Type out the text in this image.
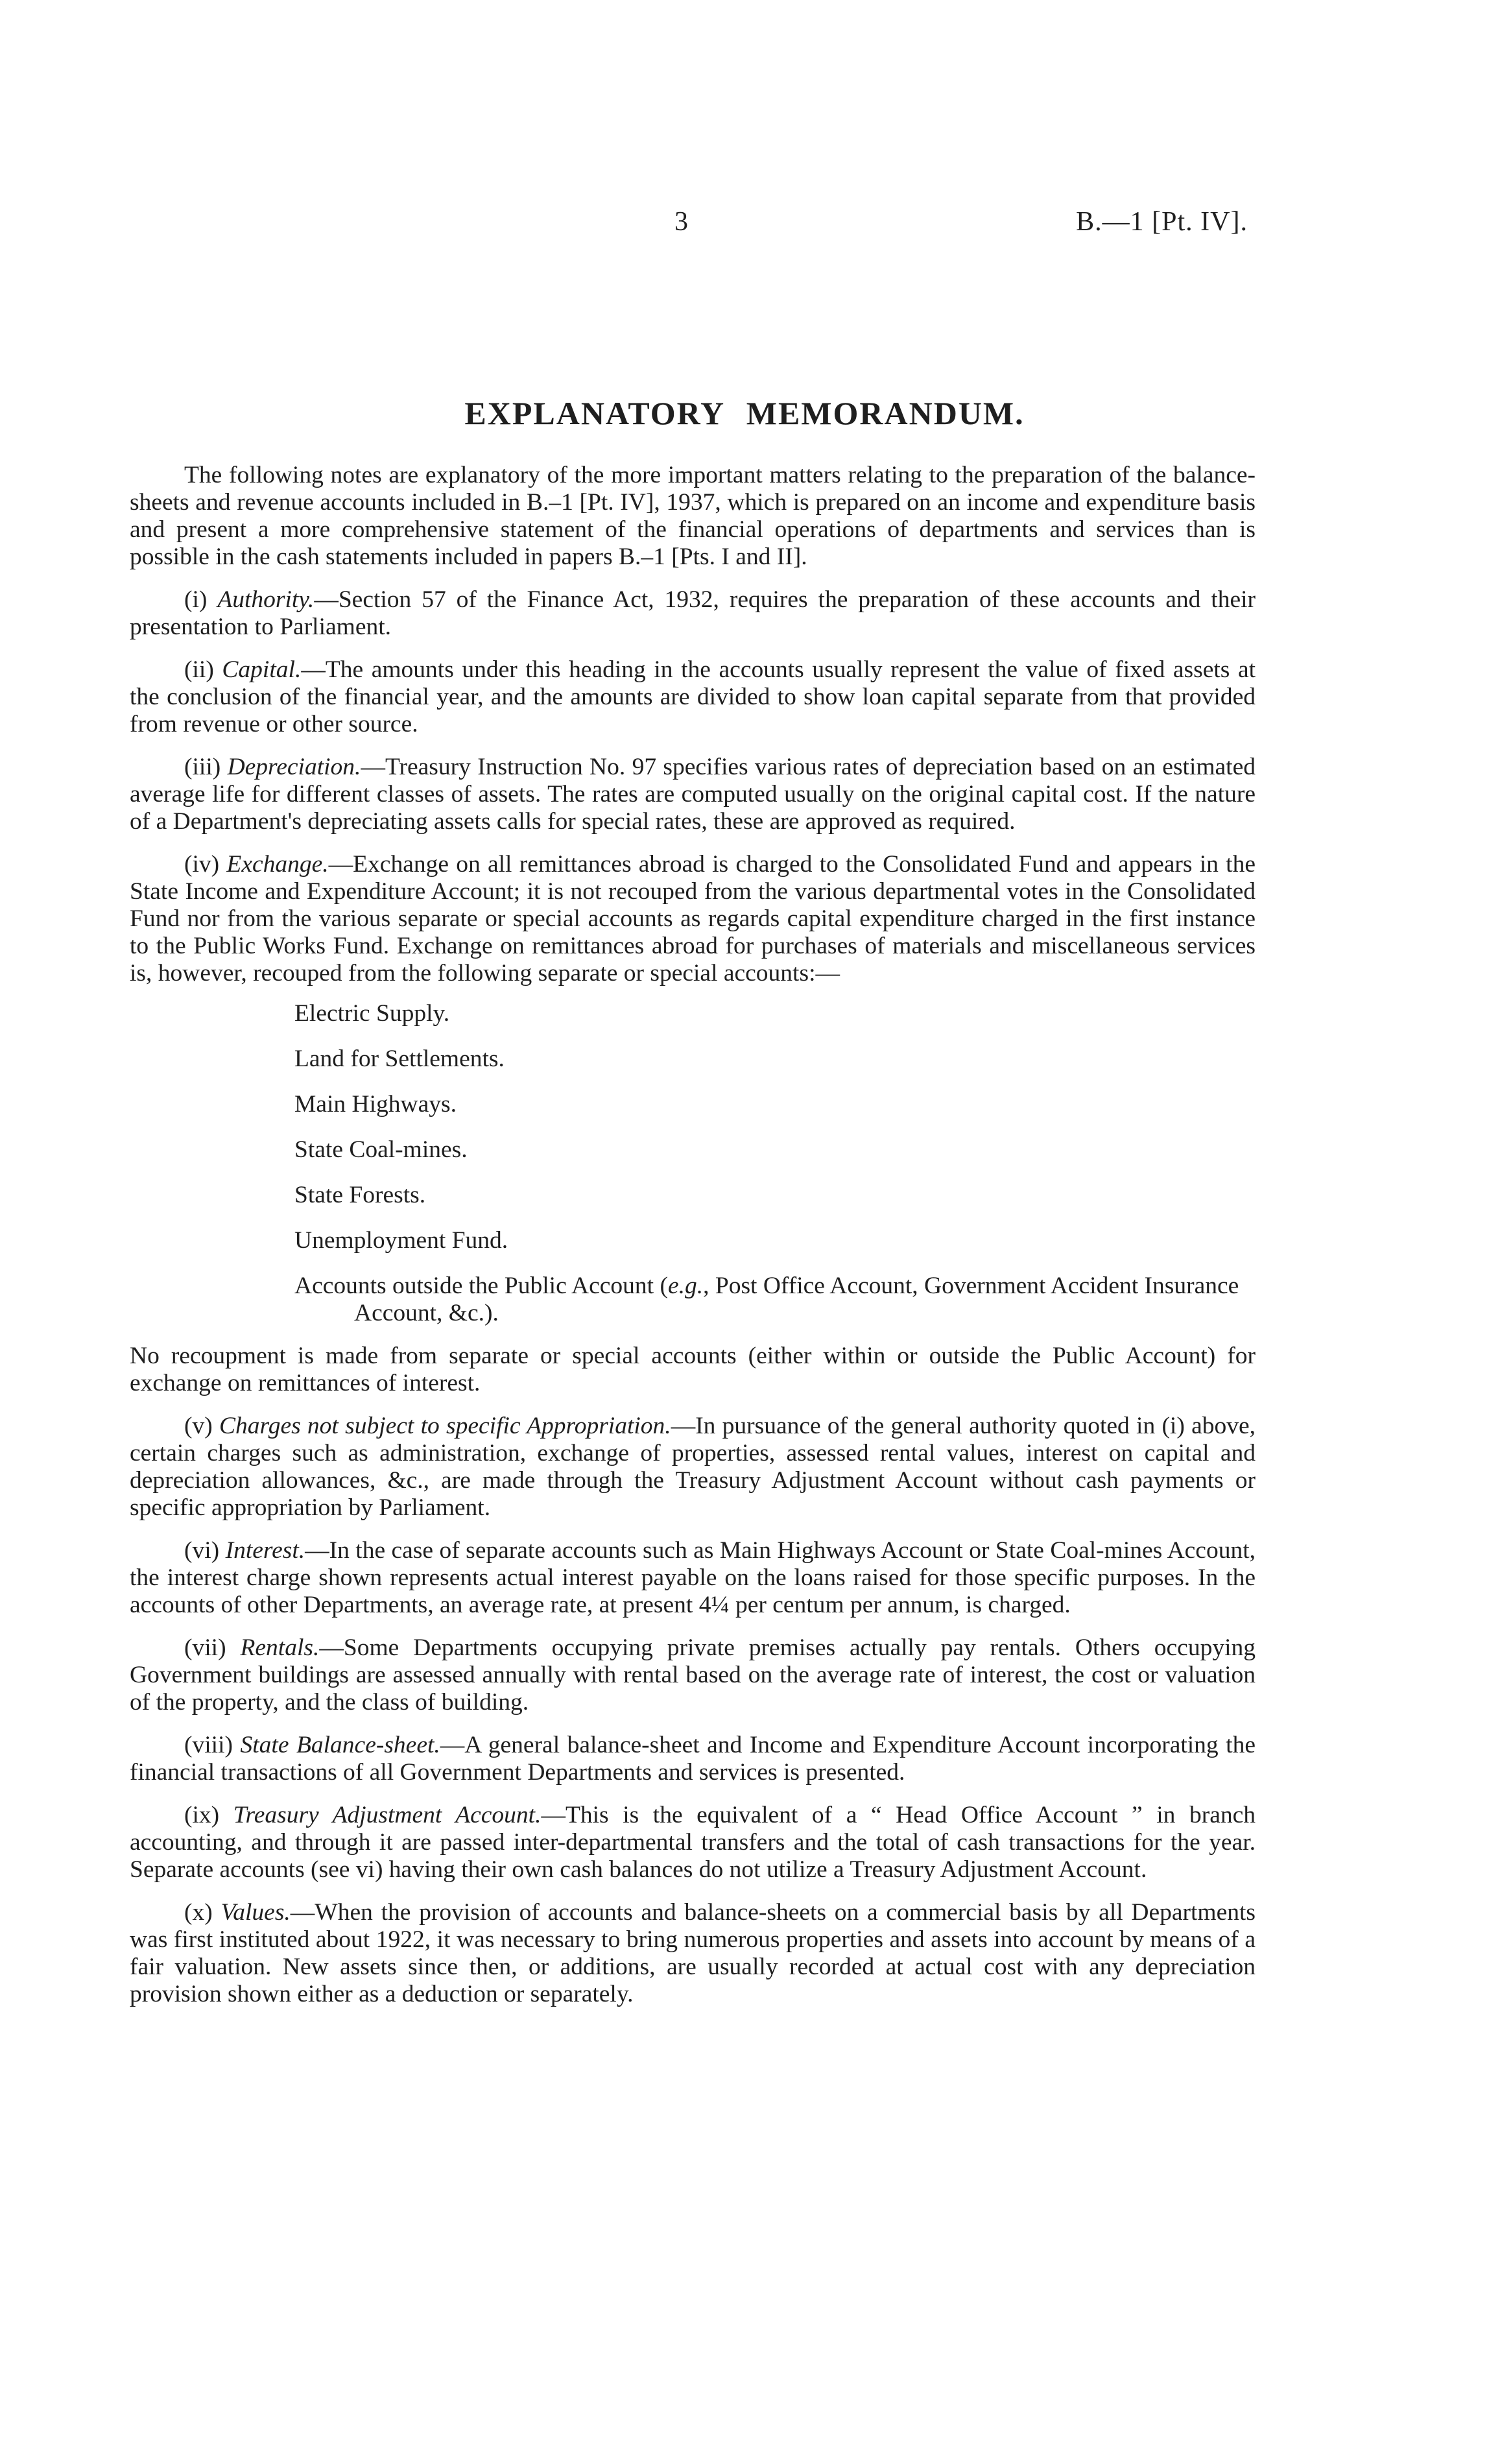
3	B.—1 [Pt. IV].
EXPLANATORY MEMORANDUM.

The following notes are explanatory of the more important matters relating to the preparation of the balance-sheets and revenue accounts included in B.–1 [Pt. IV], 1937, which is prepared on an income and expenditure basis and present a more comprehensive statement of the financial operations of departments and services than is possible in the cash statements included in papers B.–1 [Pts. I and II].

(i) Authority.—Section 57 of the Finance Act, 1932, requires the preparation of these accounts and their presentation to Parliament.

(ii) Capital.—The amounts under this heading in the accounts usually represent the value of fixed assets at the conclusion of the financial year, and the amounts are divided to show loan capital separate from that provided from revenue or other source.

(iii) Depreciation.—Treasury Instruction No. 97 specifies various rates of depreciation based on an estimated average life for different classes of assets. The rates are computed usually on the original capital cost. If the nature of a Department's depreciating assets calls for special rates, these are approved as required.

(iv) Exchange.—Exchange on all remittances abroad is charged to the Consolidated Fund and appears in the State Income and Expenditure Account; it is not recouped from the various departmental votes in the Consolidated Fund nor from the various separate or special accounts as regards capital expenditure charged in the first instance to the Public Works Fund. Exchange on remittances abroad for purchases of materials and miscellaneous services is, however, recouped from the following separate or special accounts:—

Electric Supply.
Land for Settlements.
Main Highways.
State Coal-mines.
State Forests.
Unemployment Fund.
Accounts outside the Public Account (e.g., Post Office Account, Government Accident Insurance Account, &c.).

No recoupment is made from separate or special accounts (either within or outside the Public Account) for exchange on remittances of interest.

(v) Charges not subject to specific Appropriation.—In pursuance of the general authority quoted in (i) above, certain charges such as administration, exchange of properties, assessed rental values, interest on capital and depreciation allowances, &c., are made through the Treasury Adjustment Account without cash payments or specific appropriation by Parliament.

(vi) Interest.—In the case of separate accounts such as Main Highways Account or State Coal-mines Account, the interest charge shown represents actual interest payable on the loans raised for those specific purposes. In the accounts of other Departments, an average rate, at present 4¼ per centum per annum, is charged.

(vii) Rentals.—Some Departments occupying private premises actually pay rentals. Others occupying Government buildings are assessed annually with rental based on the average rate of interest, the cost or valuation of the property, and the class of building.

(viii) State Balance-sheet.—A general balance-sheet and Income and Expenditure Account incorporating the financial transactions of all Government Departments and services is presented.

(ix) Treasury Adjustment Account.—This is the equivalent of a “ Head Office Account ” in branch accounting, and through it are passed inter-departmental transfers and the total of cash transactions for the year. Separate accounts (see vi) having their own cash balances do not utilize a Treasury Adjustment Account.

(x) Values.—When the provision of accounts and balance-sheets on a commercial basis by all Departments was first instituted about 1922, it was necessary to bring numerous properties and assets into account by means of a fair valuation. New assets since then, or additions, are usually recorded at actual cost with any depreciation provision shown either as a deduction or separately.
